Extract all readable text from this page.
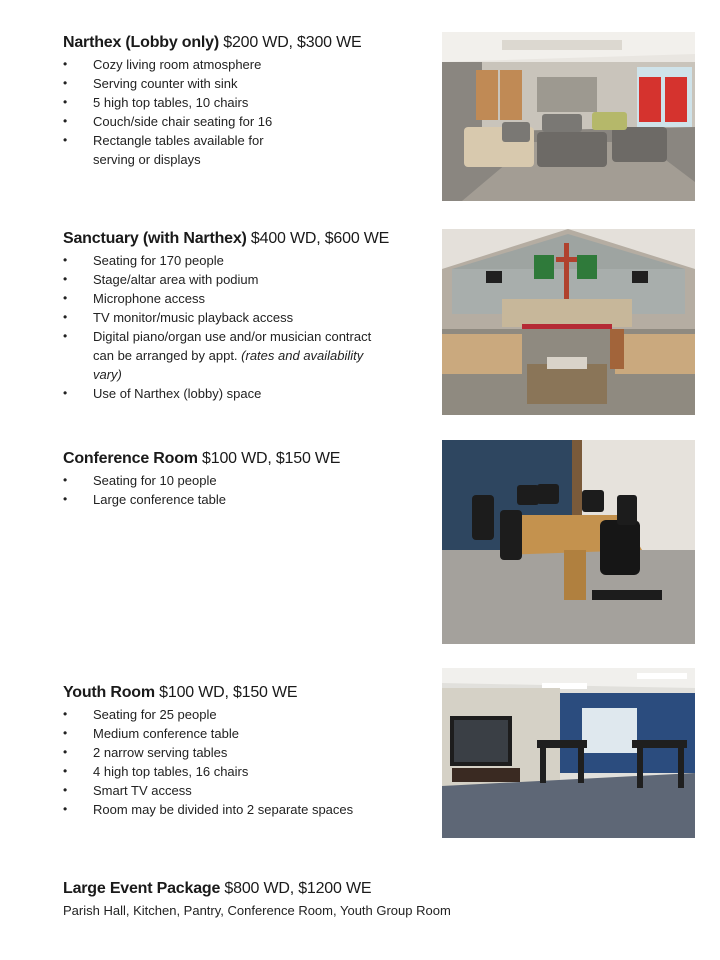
Narthex (Lobby only) $200 WD, $300 WE
• Cozy living room atmosphere
• Serving counter with sink
• 5 high top tables, 10 chairs
• Couch/side chair seating for 16
• Rectangle tables available for serving or displays
Sanctuary (with Narthex) $400 WD, $600 WE
• Seating for 170 people
• Stage/altar area with podium
• Microphone access
• TV monitor/music playback access
• Digital piano/organ use and/or musician contract can be arranged by appt. (rates and availability vary)
• Use of Narthex (lobby) space
Conference Room $100 WD, $150 WE
• Seating for 10 people
• Large conference table
Youth Room $100 WD, $150 WE
• Seating for 25 people
• Medium conference table
• 2 narrow serving tables
• 4 high top tables, 16 chairs
• Smart TV access
• Room may be divided into 2 separate spaces
Large Event Package $800 WD, $1200 WE
Parish Hall, Kitchen, Pantry, Conference Room, Youth Group Room
